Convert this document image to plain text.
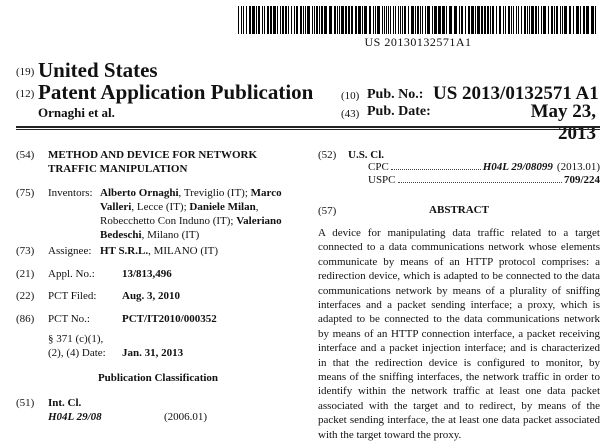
US 20130132571A1
(19) United States
(12) Patent Application Publication
Ornaghi et al.
(10) Pub. No.: US 2013/0132571 A1
(43) Pub. Date:	May 23, 2013
(54) METHOD AND DEVICE FOR NETWORK
TRAFFIC MANIPULATION
(75) Inventors: Alberto Ornaghi, Treviglio (IT); Marco
Valleri, Lecce (IT); Daniele Milan,
Robecchetto Con Induno (IT); Valeriano
Bedeschi, Milano (IT)
(73) Assignee: HT S.R.L., MILANO (IT)
(21) Appl. No.: 13/813,496
(22) PCT Filed: Aug. 3, 2010
(86) PCT No.:	PCT/IT2010/000352
§ 371 (c)(1),
(2), (4) Date: Jan. 31, 2013
Publication Classification
(51) Int. Cl.
H04L 29/08	(2006.01)
(52) U.S. Cl.
CPC	H04L 29/08099 (2013.01)
USPC	709/224
(57)	ABSTRACT
A device for manipulating data traffic related to a target connected to a data communications network whose elements communicate by means of an HTTP protocol comprises: a redirection device, which is adapted to be connected to the data communications network by means of a plurality of sniffing interfaces and a packet sending interface; a proxy, which is adapted to be connected to the data communications network by means of an HTTP connection interface, a packet receiving interface and a packet injection interface; and is characterized in that the redirection device is configured to monitor, by means of the sniffing interfaces, the network traffic in order to identify within the network traffic at least one data packet associated with the target and to redirect, by means of the packet sending interface, the at least one data packet associated with the target toward the proxy.
